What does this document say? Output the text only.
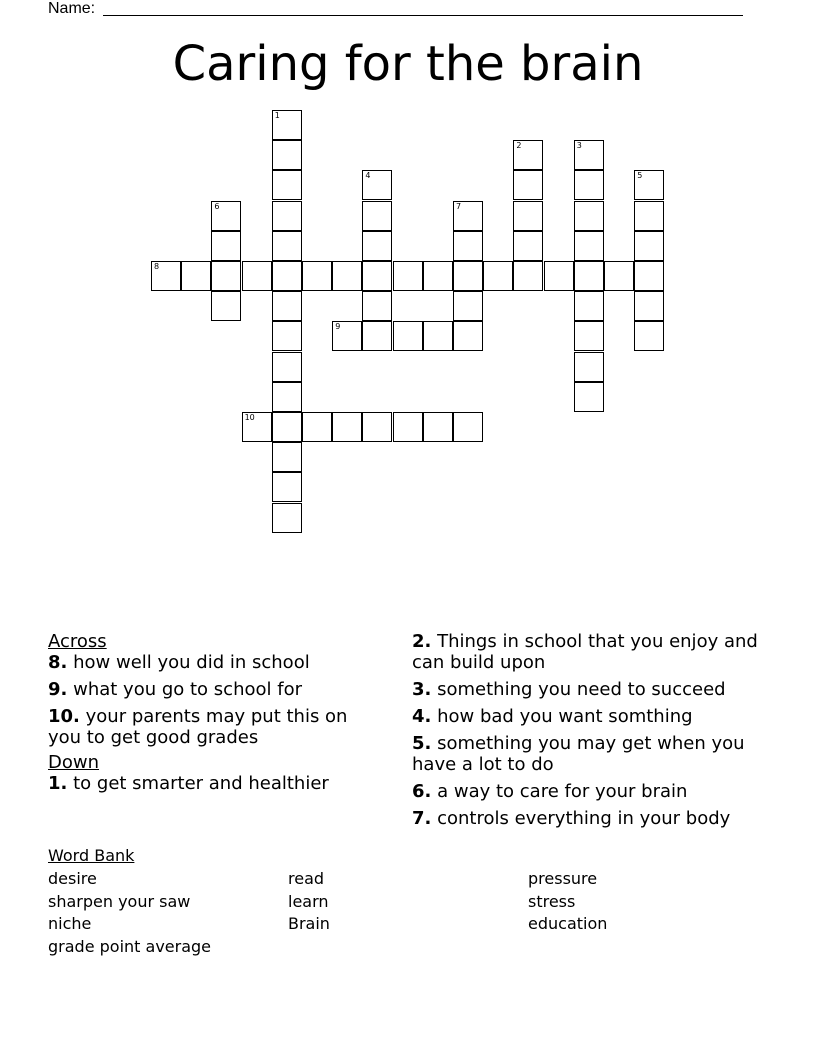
Name:
Caring for the brain
1
2	3
4	5
6	7
8
9
10
Across
8. how well you did in school
9. what you go to school for
10. your parents may put this on you to get good grades
Down
1. to get smarter and healthier
2. Things in school that you enjoy and can build upon
3. something you need to succeed
4. how bad you want somthing
5. something you may get when you have a lot to do
6. a way to care for your brain
7. controls everything in your body
Word Bank
desire
sharpen your saw
niche
grade point average
read
learn
Brain
pressure
stress
education
